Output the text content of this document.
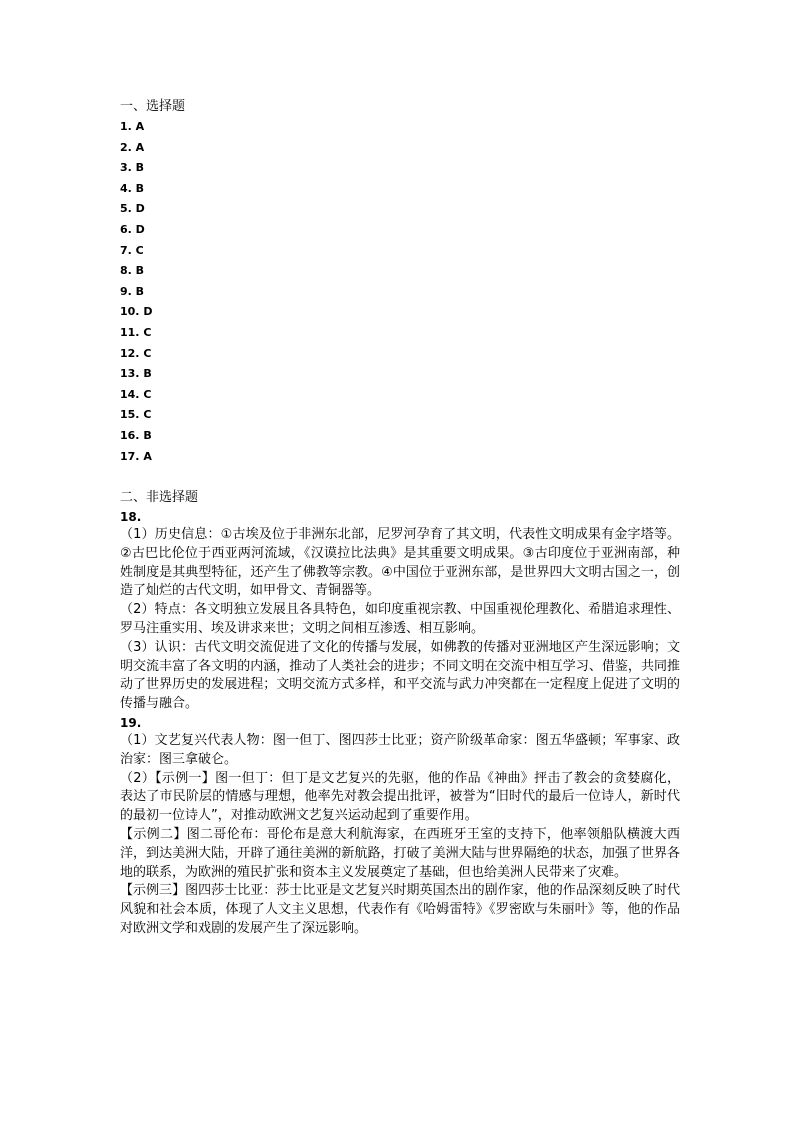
一、选择题
1. A
2. A
3. B
4. B
5. D
6. D
7. C
8. B
9. B
10. D
11. C
12. C
13. B
14. C
15. C
16. B
17. A
二、非选择题
18.

（1）历史信息：①古埃及位于非洲东北部，尼罗河孕育了其文明，代表性文明成果有金字塔等。②古巴比伦位于西亚两河流域，《汉谟拉比法典》是其重要文明成果。③古印度位于亚洲南部，种姓制度是其典型特征，还产生了佛教等宗教。④中国位于亚洲东部，是世界四大文明古国之一，创造了灿烂的古代文明，如甲骨文、青铜器等。

（2）特点：各文明独立发展且各具特色，如印度重视宗教、中国重视伦理教化、希腊追求理性、罗马注重实用、埃及讲求来世；文明之间相互渗透、相互影响。

（3）认识：古代文明交流促进了文化的传播与发展，如佛教的传播对亚洲地区产生深远影响；文明交流丰富了各文明的内涵，推动了人类社会的进步；不同文明在交流中相互学习、借鉴，共同推动了世界历史的发展进程；文明交流方式多样，和平交流与武力冲突都在一定程度上促进了文明的传播与融合。

19.

（1）文艺复兴代表人物：图一但丁、图四莎士比亚；资产阶级革命家：图五华盛顿；军事家、政治家：图三拿破仑。

（2）【示例一】图一但丁：但丁是文艺复兴的先驱，他的作品《神曲》抨击了教会的贪婪腐化，表达了市民阶层的情感与理想，他率先对教会提出批评，被誉为“旧时代的最后一位诗人，新时代的最初一位诗人”，对推动欧洲文艺复兴运动起到了重要作用。

【示例二】图二哥伦布：哥伦布是意大利航海家，在西班牙王室的支持下，他率领船队横渡大西洋，到达美洲大陆，开辟了通往美洲的新航路，打破了美洲大陆与世界隔绝的状态，加强了世界各地的联系，为欧洲的殖民扩张和资本主义发展奠定了基础，但也给美洲人民带来了灾难。

【示例三】图四莎士比亚：莎士比亚是文艺复兴时期英国杰出的剧作家，他的作品深刻反映了时代风貌和社会本质，体现了人文主义思想，代表作有《哈姆雷特》《罗密欧与朱丽叶》等，他的作品对欧洲文学和戏剧的发展产生了深远影响。
